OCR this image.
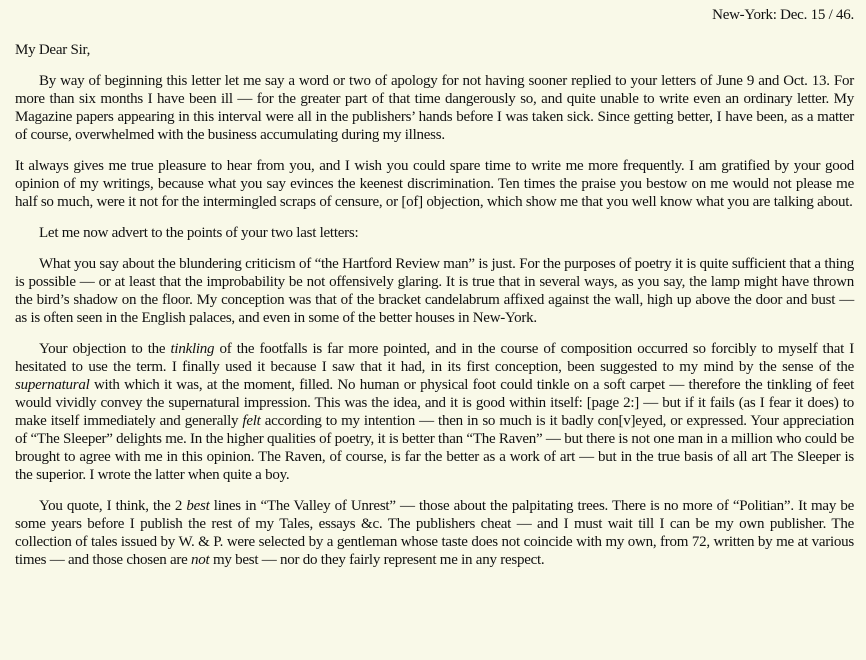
New-York: Dec. 15 / 46.

My Dear Sir,

By way of beginning this letter let me say a word or two of apology for not having sooner replied to your letters of June 9 and Oct. 13. For more than six months I have been ill — for the greater part of that time dangerously so, and quite unable to write even an ordinary letter. My Magazine papers appearing in this interval were all in the publishers’ hands before I was taken sick. Since getting better, I have been, as a matter of course, overwhelmed with the business accumulating during my illness.

It always gives me true pleasure to hear from you, and I wish you could spare time to write me more frequently. I am gratified by your good opinion of my writings, because what you say evinces the keenest discrimination. Ten times the praise you bestow on me would not please me half so much, were it not for the intermingled scraps of censure, or [of] objection, which show me that you well know what you are talking about.

Let me now advert to the points of your two last letters:

What you say about the blundering criticism of “the Hartford Review man” is just. For the purposes of poetry it is quite sufficient that a thing is possible — or at least that the improbability be not offensively glaring. It is true that in several ways, as you say, the lamp might have thrown the bird’s shadow on the floor. My conception was that of the bracket candelabrum affixed against the wall, high up above the door and bust — as is often seen in the English palaces, and even in some of the better houses in New-York.

Your objection to the tinkling of the footfalls is far more pointed, and in the course of composition occurred so forcibly to myself that I hesitated to use the term. I finally used it because I saw that it had, in its first conception, been suggested to my mind by the sense of the supernatural with which it was, at the moment, filled. No human or physical foot could tinkle on a soft carpet — therefore the tinkling of feet would vividly convey the supernatural impression. This was the idea, and it is good within itself: [page 2:] — but if it fails (as I fear it does) to make itself immediately and generally felt according to my intention — then in so much is it badly con[v]eyed, or expressed. Your appreciation of “The Sleeper” delights me. In the higher qualities of poetry, it is better than “The Raven” — but there is not one man in a million who could be brought to agree with me in this opinion. The Raven, of course, is far the better as a work of art — but in the true basis of all art The Sleeper is the superior. I wrote the latter when quite a boy.

You quote, I think, the 2 best lines in “The Valley of Unrest” — those about the palpitating trees. There is no more of “Politian”. It may be some years before I publish the rest of my Tales, essays &c. The publishers cheat — and I must wait till I can be my own publisher. The collection of tales issued by W. & P. were selected by a gentleman whose taste does not coincide with my own, from 72, written by me at various times — and those chosen are not my best — nor do they fairly represent me in any respect.
